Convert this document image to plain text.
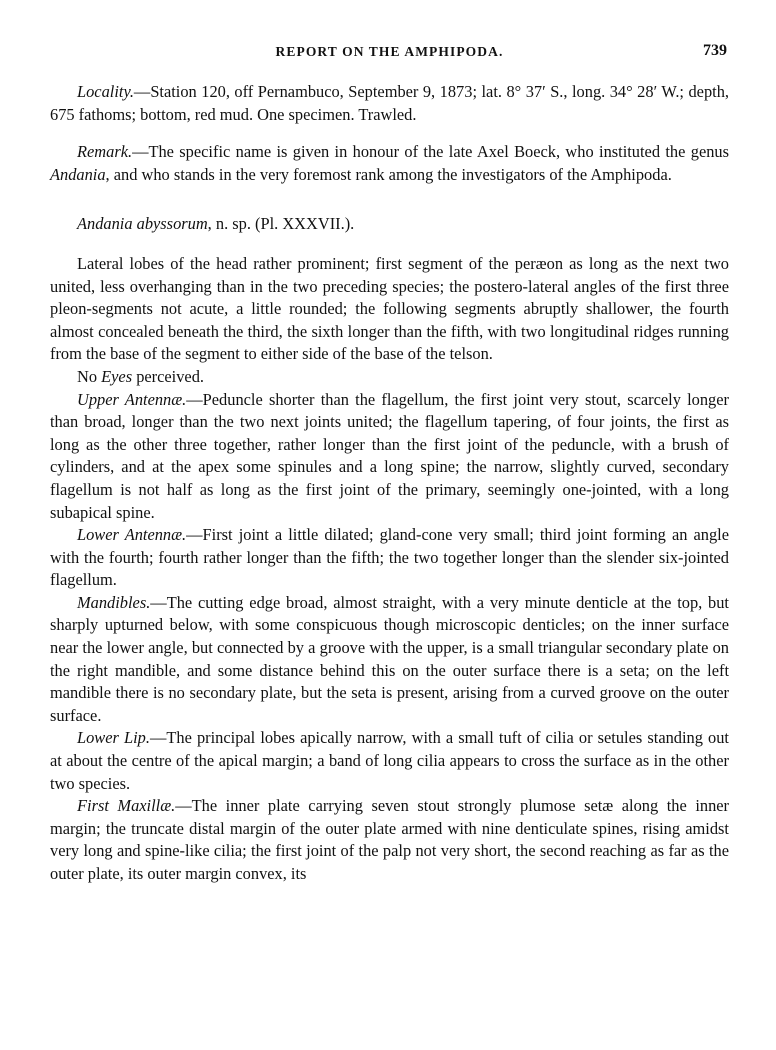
REPORT ON THE AMPHIPODA.	739

Locality.—Station 120, off Pernambuco, September 9, 1873; lat. 8° 37′ S., long. 34° 28′ W.; depth, 675 fathoms; bottom, red mud. One specimen. Trawled.

Remark.—The specific name is given in honour of the late Axel Boeck, who instituted the genus Andania, and who stands in the very foremost rank among the investigators of the Amphipoda.

Andania abyssorum, n. sp. (Pl. XXXVII.).

Lateral lobes of the head rather prominent; first segment of the peræon as long as the next two united, less overhanging than in the two preceding species; the postero-lateral angles of the first three pleon-segments not acute, a little rounded; the following segments abruptly shallower, the fourth almost concealed beneath the third, the sixth longer than the fifth, with two longitudinal ridges running from the base of the segment to either side of the base of the telson.

No Eyes perceived.

Upper Antennæ.—Peduncle shorter than the flagellum, the first joint very stout, scarcely longer than broad, longer than the two next joints united; the flagellum tapering, of four joints, the first as long as the other three together, rather longer than the first joint of the peduncle, with a brush of cylinders, and at the apex some spinules and a long spine; the narrow, slightly curved, secondary flagellum is not half as long as the first joint of the primary, seemingly one-jointed, with a long subapical spine.

Lower Antennæ.—First joint a little dilated; gland-cone very small; third joint forming an angle with the fourth; fourth rather longer than the fifth; the two together longer than the slender six-jointed flagellum.

Mandibles.—The cutting edge broad, almost straight, with a very minute denticle at the top, but sharply upturned below, with some conspicuous though microscopic denticles; on the inner surface near the lower angle, but connected by a groove with the upper, is a small triangular secondary plate on the right mandible, and some distance behind this on the outer surface there is a seta; on the left mandible there is no secondary plate, but the seta is present, arising from a curved groove on the outer surface.

Lower Lip.—The principal lobes apically narrow, with a small tuft of cilia or setules standing out at about the centre of the apical margin; a band of long cilia appears to cross the surface as in the other two species.

First Maxillæ.—The inner plate carrying seven stout strongly plumose setæ along the inner margin; the truncate distal margin of the outer plate armed with nine denticulate spines, rising amidst very long and spine-like cilia; the first joint of the palp not very short, the second reaching as far as the outer plate, its outer margin convex, its
